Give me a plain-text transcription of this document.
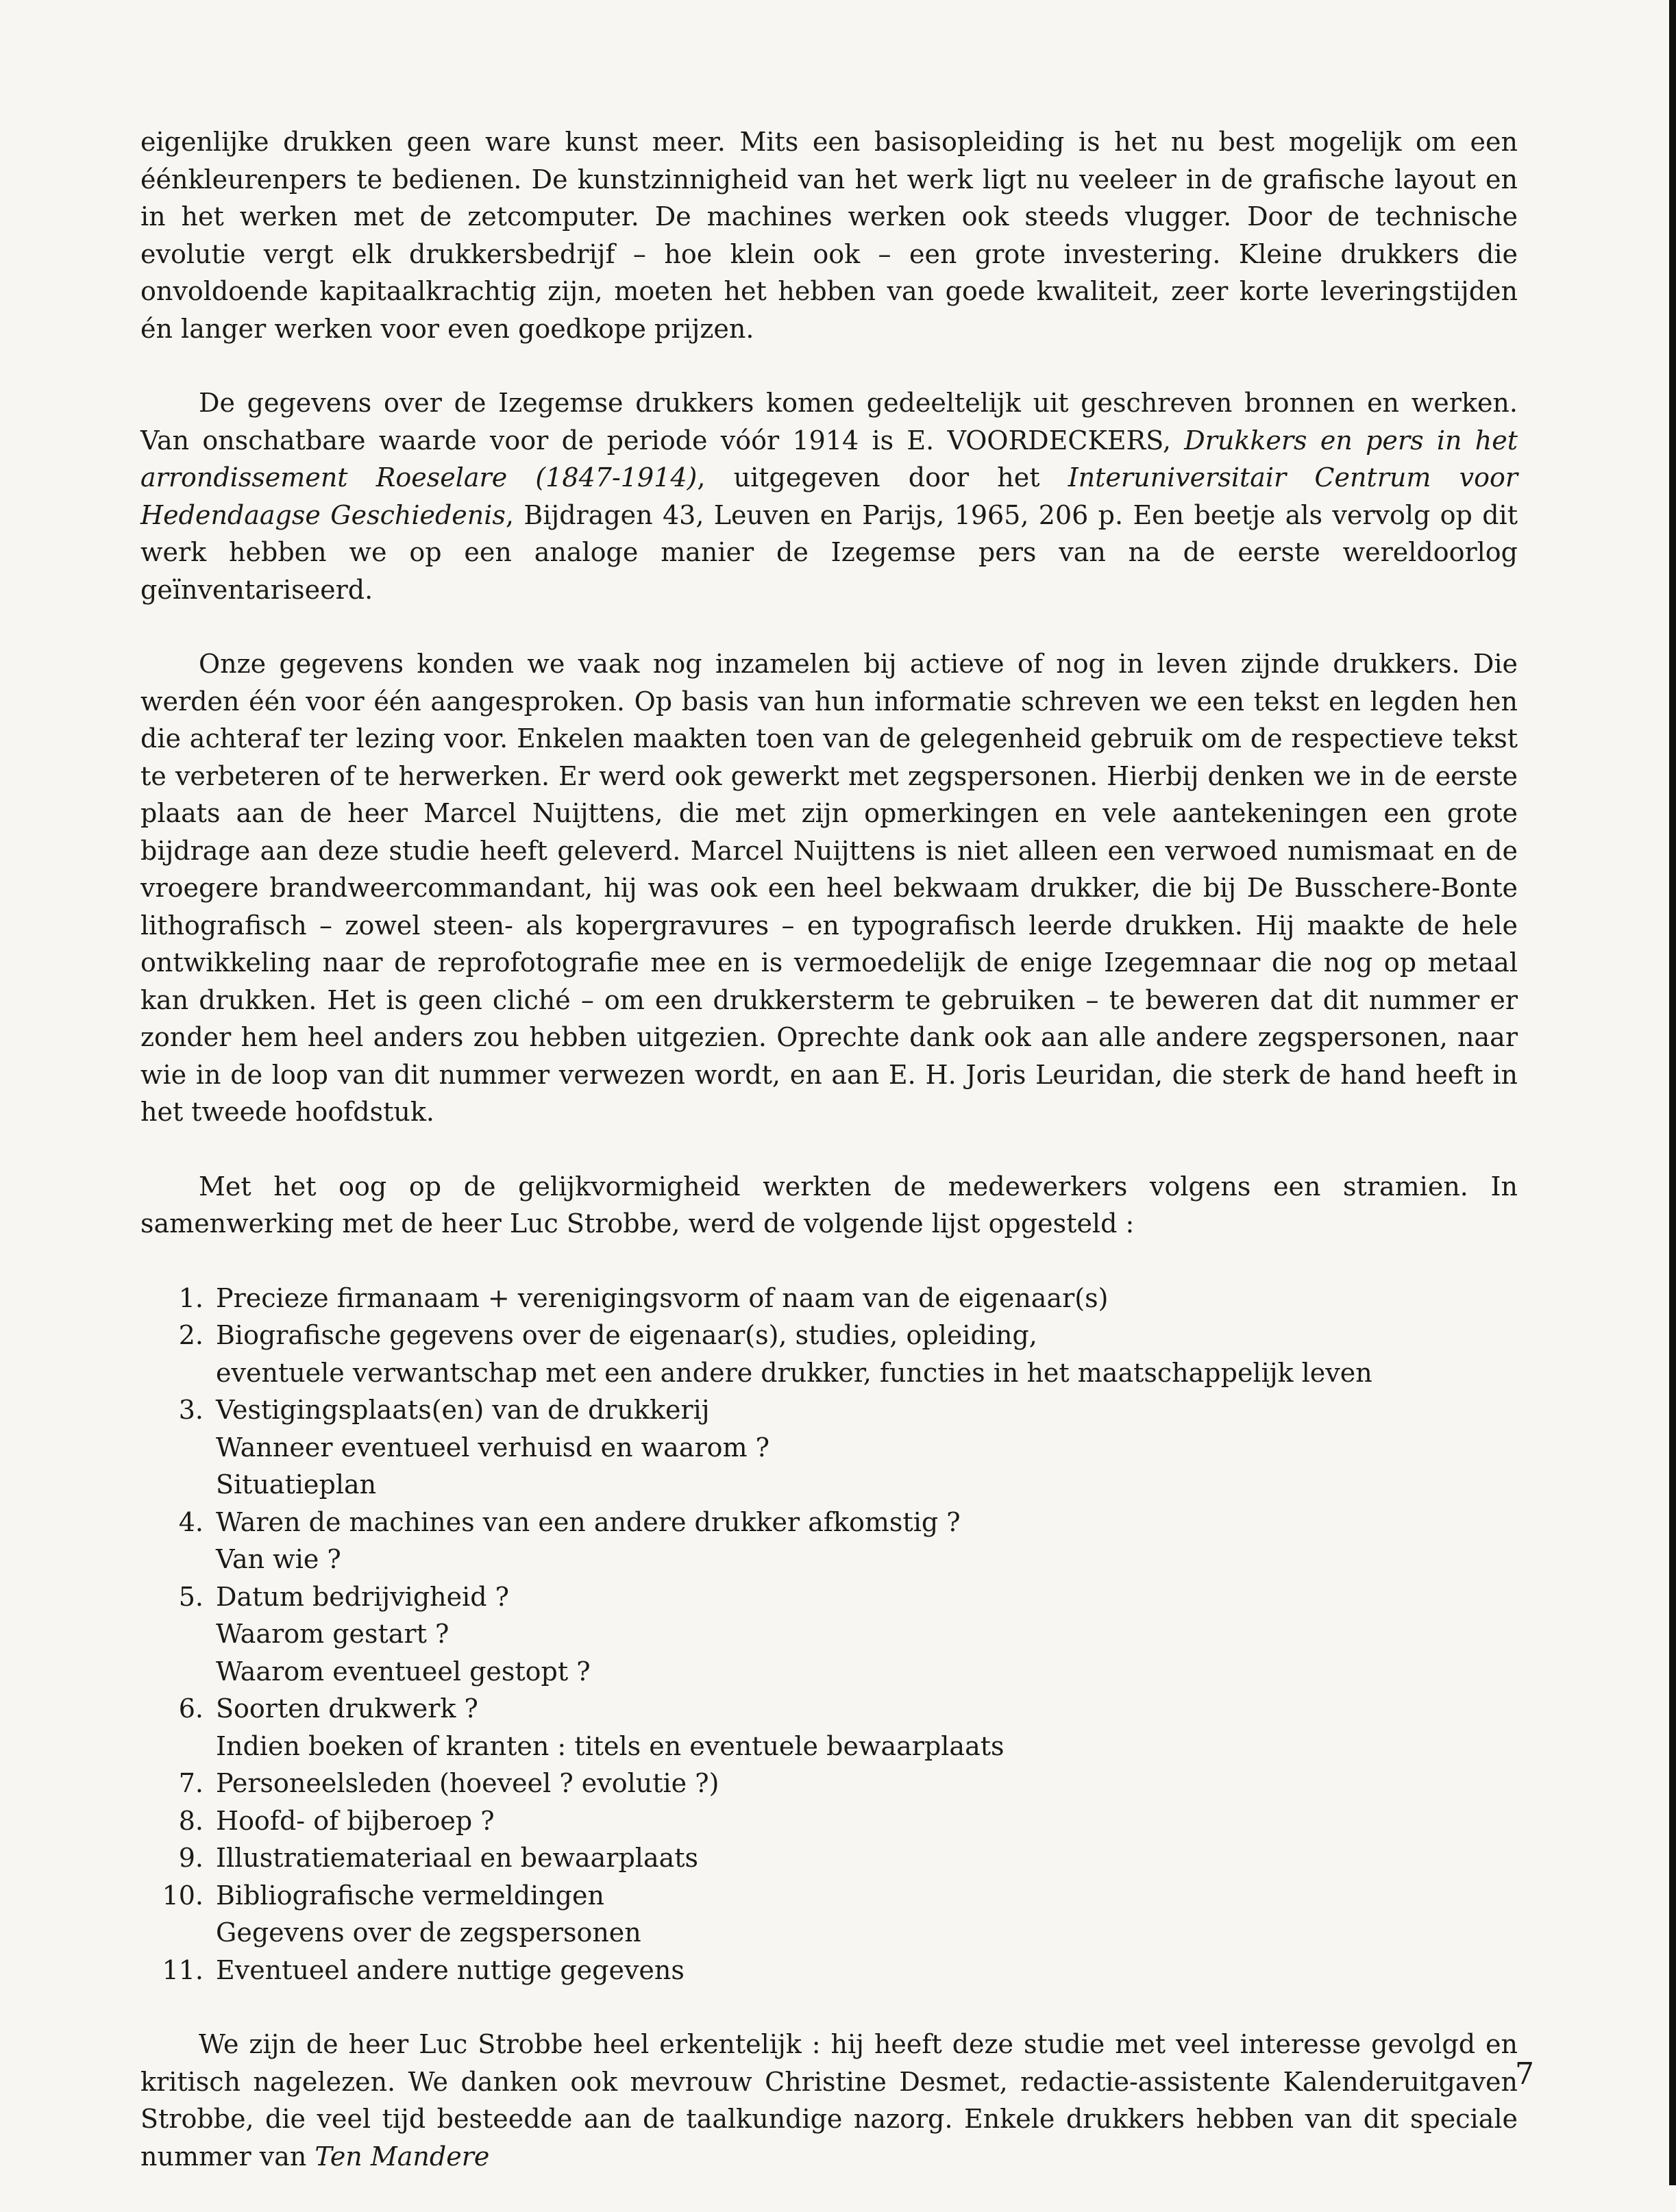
eigenlijke drukken geen ware kunst meer. Mits een basisopleiding is het nu best mogelijk om een éénkleurenpers te bedienen. De kunstzinnigheid van het werk ligt nu veeleer in de grafische layout en in het werken met de zetcomputer. De machines werken ook steeds vlugger. Door de technische evolutie vergt elk drukkersbedrijf – hoe klein ook – een grote investering. Kleine drukkers die onvoldoende kapitaalkrachtig zijn, moeten het hebben van goede kwaliteit, zeer korte leveringstijden én langer werken voor even goedkope prijzen.

De gegevens over de Izegemse drukkers komen gedeeltelijk uit geschreven bronnen en werken. Van onschatbare waarde voor de periode vóór 1914 is E. VOORDECKERS, Drukkers en pers in het arrondissement Roeselare (1847-1914), uitgegeven door het Interuniversitair Centrum voor Hedendaagse Geschiedenis, Bijdragen 43, Leuven en Parijs, 1965, 206 p. Een beetje als vervolg op dit werk hebben we op een analoge manier de Izegemse pers van na de eerste wereldoorlog geïnventariseerd.

Onze gegevens konden we vaak nog inzamelen bij actieve of nog in leven zijnde drukkers. Die werden één voor één aangesproken. Op basis van hun informatie schreven we een tekst en legden hen die achteraf ter lezing voor. Enkelen maakten toen van de gelegenheid gebruik om de respectieve tekst te verbeteren of te herwerken. Er werd ook gewerkt met zegspersonen. Hierbij denken we in de eerste plaats aan de heer Marcel Nuijttens, die met zijn opmerkingen en vele aantekeningen een grote bijdrage aan deze studie heeft geleverd. Marcel Nuijttens is niet alleen een verwoed numismaat en de vroegere brandweercommandant, hij was ook een heel bekwaam drukker, die bij De Busschere-Bonte lithografisch – zowel steen- als kopergravures – en typografisch leerde drukken. Hij maakte de hele ontwikkeling naar de reprofotografie mee en is vermoedelijk de enige Izegemnaar die nog op metaal kan drukken. Het is geen cliché – om een drukkersterm te gebruiken – te beweren dat dit nummer er zonder hem heel anders zou hebben uitgezien. Oprechte dank ook aan alle andere zegspersonen, naar wie in de loop van dit nummer verwezen wordt, en aan E. H. Joris Leuridan, die sterk de hand heeft in het tweede hoofdstuk.

Met het oog op de gelijkvormigheid werkten de medewerkers volgens een stramien. In samenwerking met de heer Luc Strobbe, werd de volgende lijst opgesteld :

1. Precieze firmanaam + verenigingsvorm of naam van de eigenaar(s)
2. Biografische gegevens over de eigenaar(s), studies, opleiding,
eventuele verwantschap met een andere drukker, functies in het maatschappelijk leven
3. Vestigingsplaats(en) van de drukkerij
Wanneer eventueel verhuisd en waarom ?
Situatieplan
4. Waren de machines van een andere drukker afkomstig ?
Van wie ?
5. Datum bedrijvigheid ?
Waarom gestart ?
Waarom eventueel gestopt ?
6. Soorten drukwerk ?
Indien boeken of kranten : titels en eventuele bewaarplaats
7. Personeelsleden (hoeveel ? evolutie ?)
8. Hoofd- of bijberoep ?
9. Illustratiemateriaal en bewaarplaats
10. Bibliografische vermeldingen
Gegevens over de zegspersonen
11. Eventueel andere nuttige gegevens

We zijn de heer Luc Strobbe heel erkentelijk : hij heeft deze studie met veel interesse gevolgd en kritisch nagelezen. We danken ook mevrouw Christine Desmet, redactie-assistente Kalenderuitgaven Strobbe, die veel tijd besteedde aan de taalkundige nazorg. Enkele drukkers hebben van dit speciale nummer van Ten Mandere

7
